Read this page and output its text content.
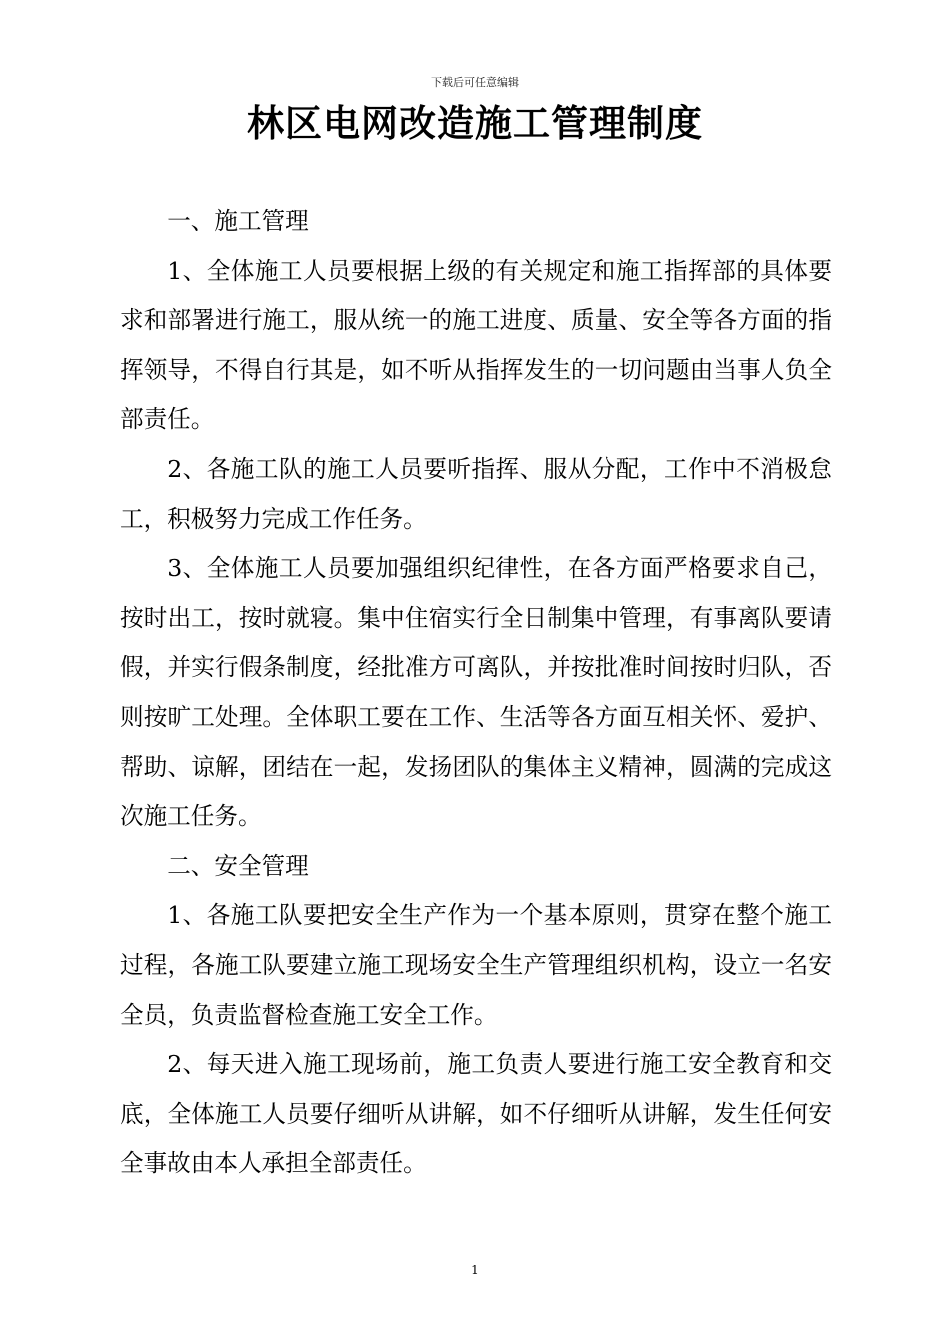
下载后可任意编辑
林区电网改造施工管理制度

一、施工管理

1、全体施工人员要根据上级的有关规定和施工指挥部的具体要求和部署进行施工，服从统一的施工进度、质量、安全等各方面的指挥领导，不得自行其是，如不听从指挥发生的一切问题由当事人负全部责任。

2、各施工队的施工人员要听指挥、服从分配，工作中不消极怠工，积极努力完成工作任务。

3、全体施工人员要加强组织纪律性，在各方面严格要求自己，按时出工，按时就寝。集中住宿实行全日制集中管理，有事离队要请假，并实行假条制度，经批准方可离队，并按批准时间按时归队，否则按旷工处理。全体职工要在工作、生活等各方面互相关怀、爱护、帮助、谅解，团结在一起，发扬团队的集体主义精神，圆满的完成这次施工任务。

二、安全管理

1、各施工队要把安全生产作为一个基本原则，贯穿在整个施工过程，各施工队要建立施工现场安全生产管理组织机构，设立一名安全员，负责监督检查施工安全工作。

2、每天进入施工现场前，施工负责人要进行施工安全教育和交底，全体施工人员要仔细听从讲解，如不仔细听从讲解，发生任何安全事故由本人承担全部责任。

1
